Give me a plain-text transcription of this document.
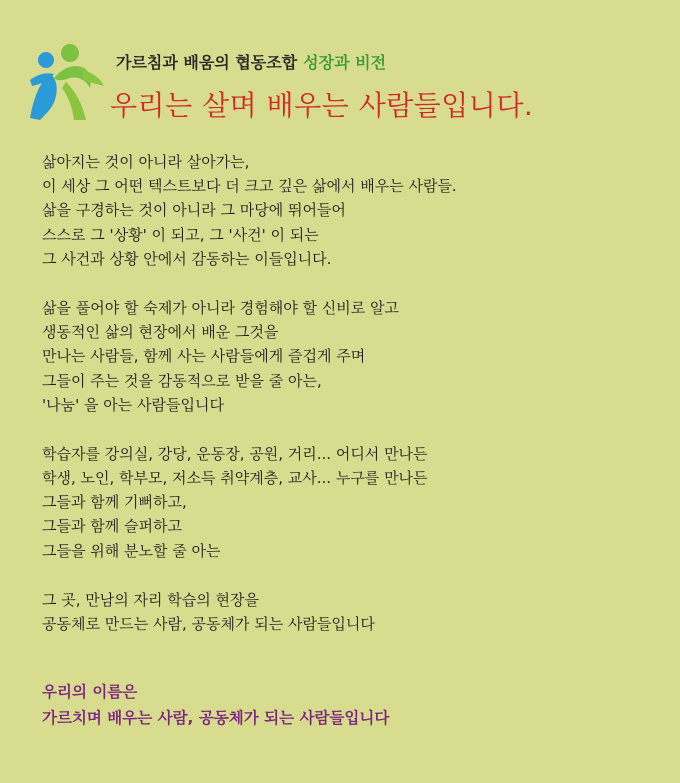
가르침과 배움의 협동조합 성장과 비전
우리는 살며 배우는 사람들입니다.
삶아지는 것이 아니라 살아가는,
이 세상 그 어떤 텍스트보다 더 크고 깊은 삶에서 배우는 사람들.
삶을 구경하는 것이 아니라 그 마당에 뛰어들어
스스로 그 '상황' 이 되고, 그 '사건' 이 되는
그 사건과 상황 안에서 감동하는 이들입니다.
삶을 풀어야 할 숙제가 아니라 경험해야 할 신비로 알고
생동적인 삶의 현장에서 배운 그것을
만나는 사람들, 함께 사는 사람들에게 즐겁게 주며
그들이 주는 것을 감동적으로 받을 줄 아는,
'나눔' 을 아는 사람들입니다
학습자를 강의실, 강당, 운동장, 공원, 거리... 어디서 만나든
학생, 노인, 학부모, 저소득 취약계층, 교사... 누구를 만나든
그들과 함께 기뻐하고,
그들과 함께 슬퍼하고
그들을 위해 분노할 줄 아는
그 곳, 만남의 자리 학습의 현장을
공동체로 만드는 사람, 공동체가 되는 사람들입니다
우리의 이름은
가르치며 배우는 사람, 공동체가 되는 사람들입니다
